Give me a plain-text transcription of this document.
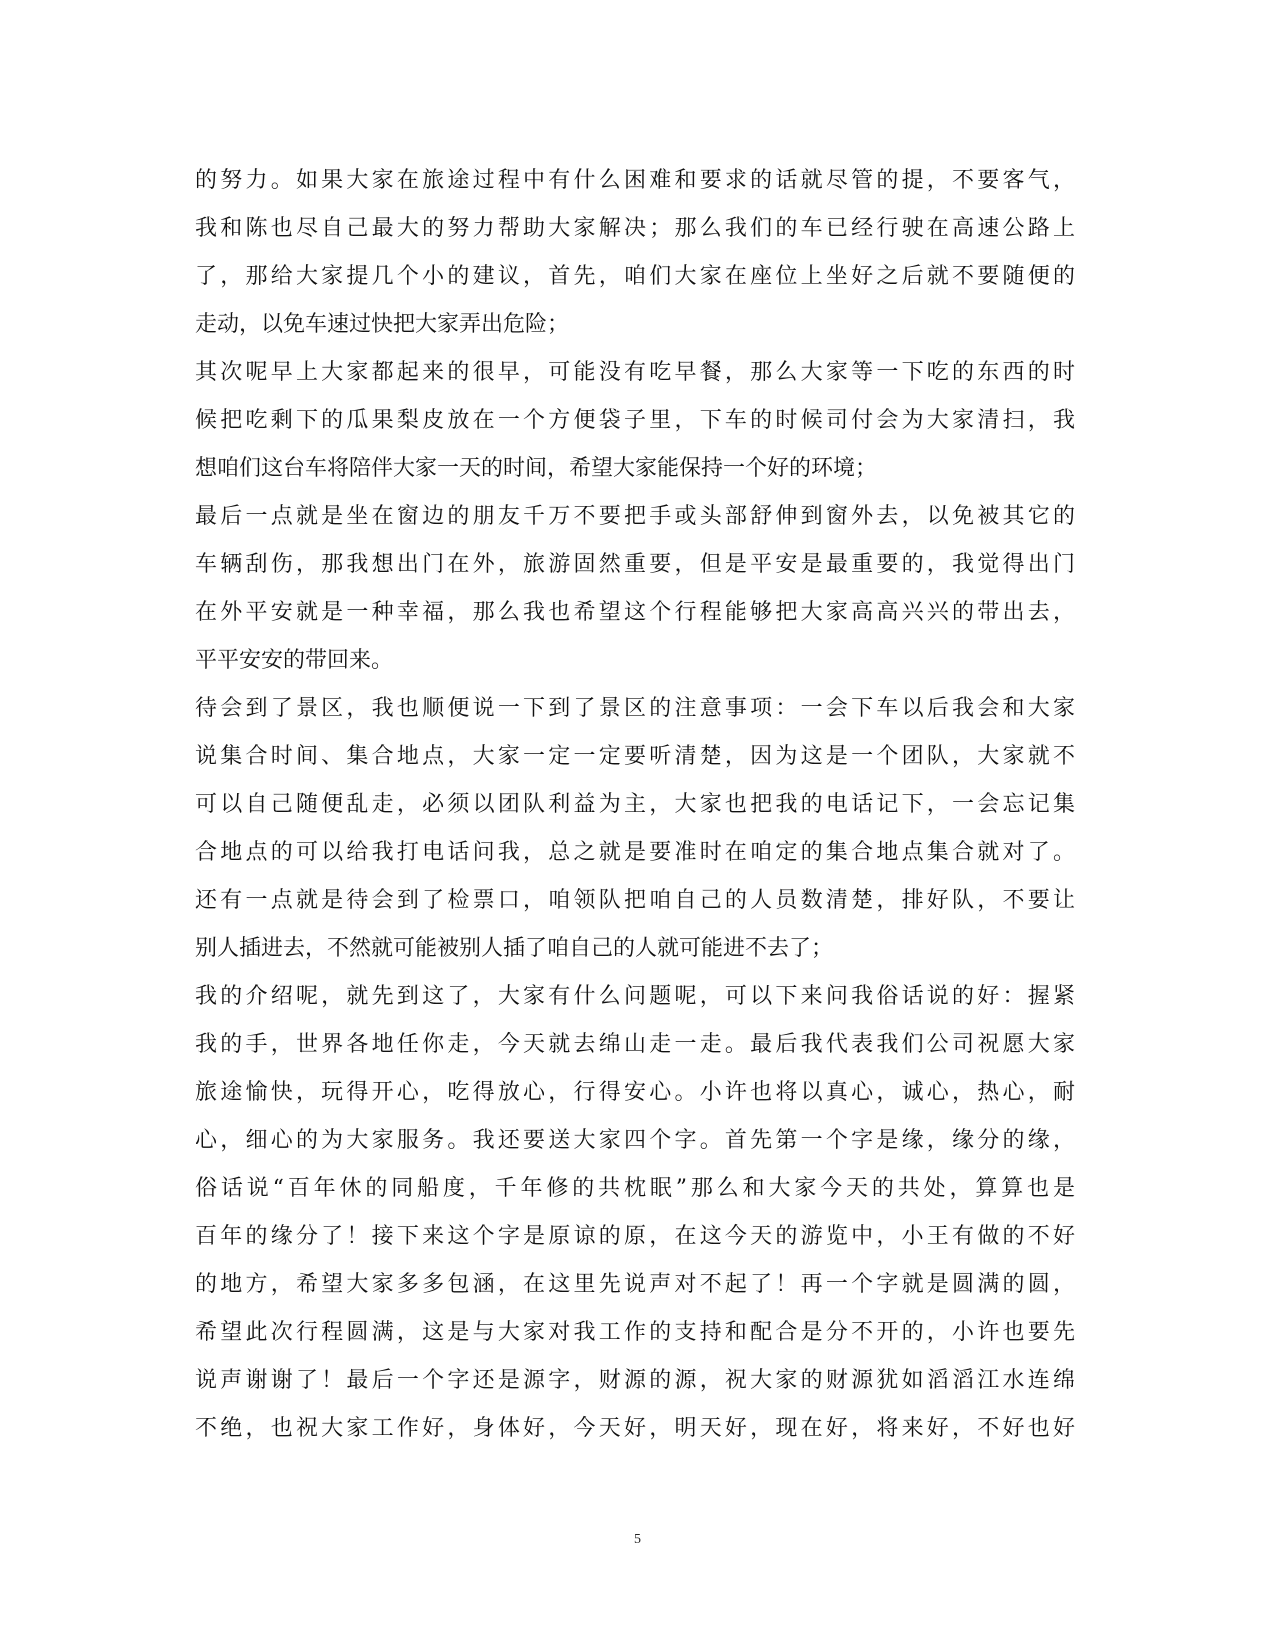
的努力。如果大家在旅途过程中有什么困难和要求的话就尽管的提，不要客气，
我和陈也尽自己最大的努力帮助大家解决；那么我们的车已经行驶在高速公路上
了，那给大家提几个小的建议，首先，咱们大家在座位上坐好之后就不要随便的
走动，以免车速过快把大家弄出危险；
其次呢早上大家都起来的很早，可能没有吃早餐，那么大家等一下吃的东西的时
候把吃剩下的瓜果梨皮放在一个方便袋子里，下车的时候司付会为大家清扫，我
想咱们这台车将陪伴大家一天的时间，希望大家能保持一个好的环境；
最后一点就是坐在窗边的朋友千万不要把手或头部舒伸到窗外去，以免被其它的
车辆刮伤，那我想出门在外，旅游固然重要，但是平安是最重要的，我觉得出门
在外平安就是一种幸福，那么我也希望这个行程能够把大家高高兴兴的带出去，
平平安安的带回来。
待会到了景区，我也顺便说一下到了景区的注意事项：一会下车以后我会和大家
说集合时间、集合地点，大家一定一定要听清楚，因为这是一个团队，大家就不
可以自己随便乱走，必须以团队利益为主，大家也把我的电话记下，一会忘记集
合地点的可以给我打电话问我，总之就是要准时在咱定的集合地点集合就对了。
还有一点就是待会到了检票口，咱领队把咱自己的人员数清楚，排好队，不要让
别人插进去，不然就可能被别人插了咱自己的人就可能进不去了；
我的介绍呢，就先到这了，大家有什么问题呢，可以下来问我俗话说的好：握紧
我的手，世界各地任你走，今天就去绵山走一走。最后我代表我们公司祝愿大家
旅途愉快，玩得开心，吃得放心，行得安心。小许也将以真心，诚心，热心，耐
心，细心的为大家服务。我还要送大家四个字。首先第一个字是缘，缘分的缘，
俗话说“百年休的同船度，千年修的共枕眠”那么和大家今天的共处，算算也是
百年的缘分了！接下来这个字是原谅的原，在这今天的游览中，小王有做的不好
的地方，希望大家多多包涵，在这里先说声对不起了！再一个字就是圆满的圆，
希望此次行程圆满，这是与大家对我工作的支持和配合是分不开的，小许也要先
说声谢谢了！最后一个字还是源字，财源的源，祝大家的财源犹如滔滔江水连绵
不绝，也祝大家工作好，身体好，今天好，明天好，现在好，将来好，不好也好
5
